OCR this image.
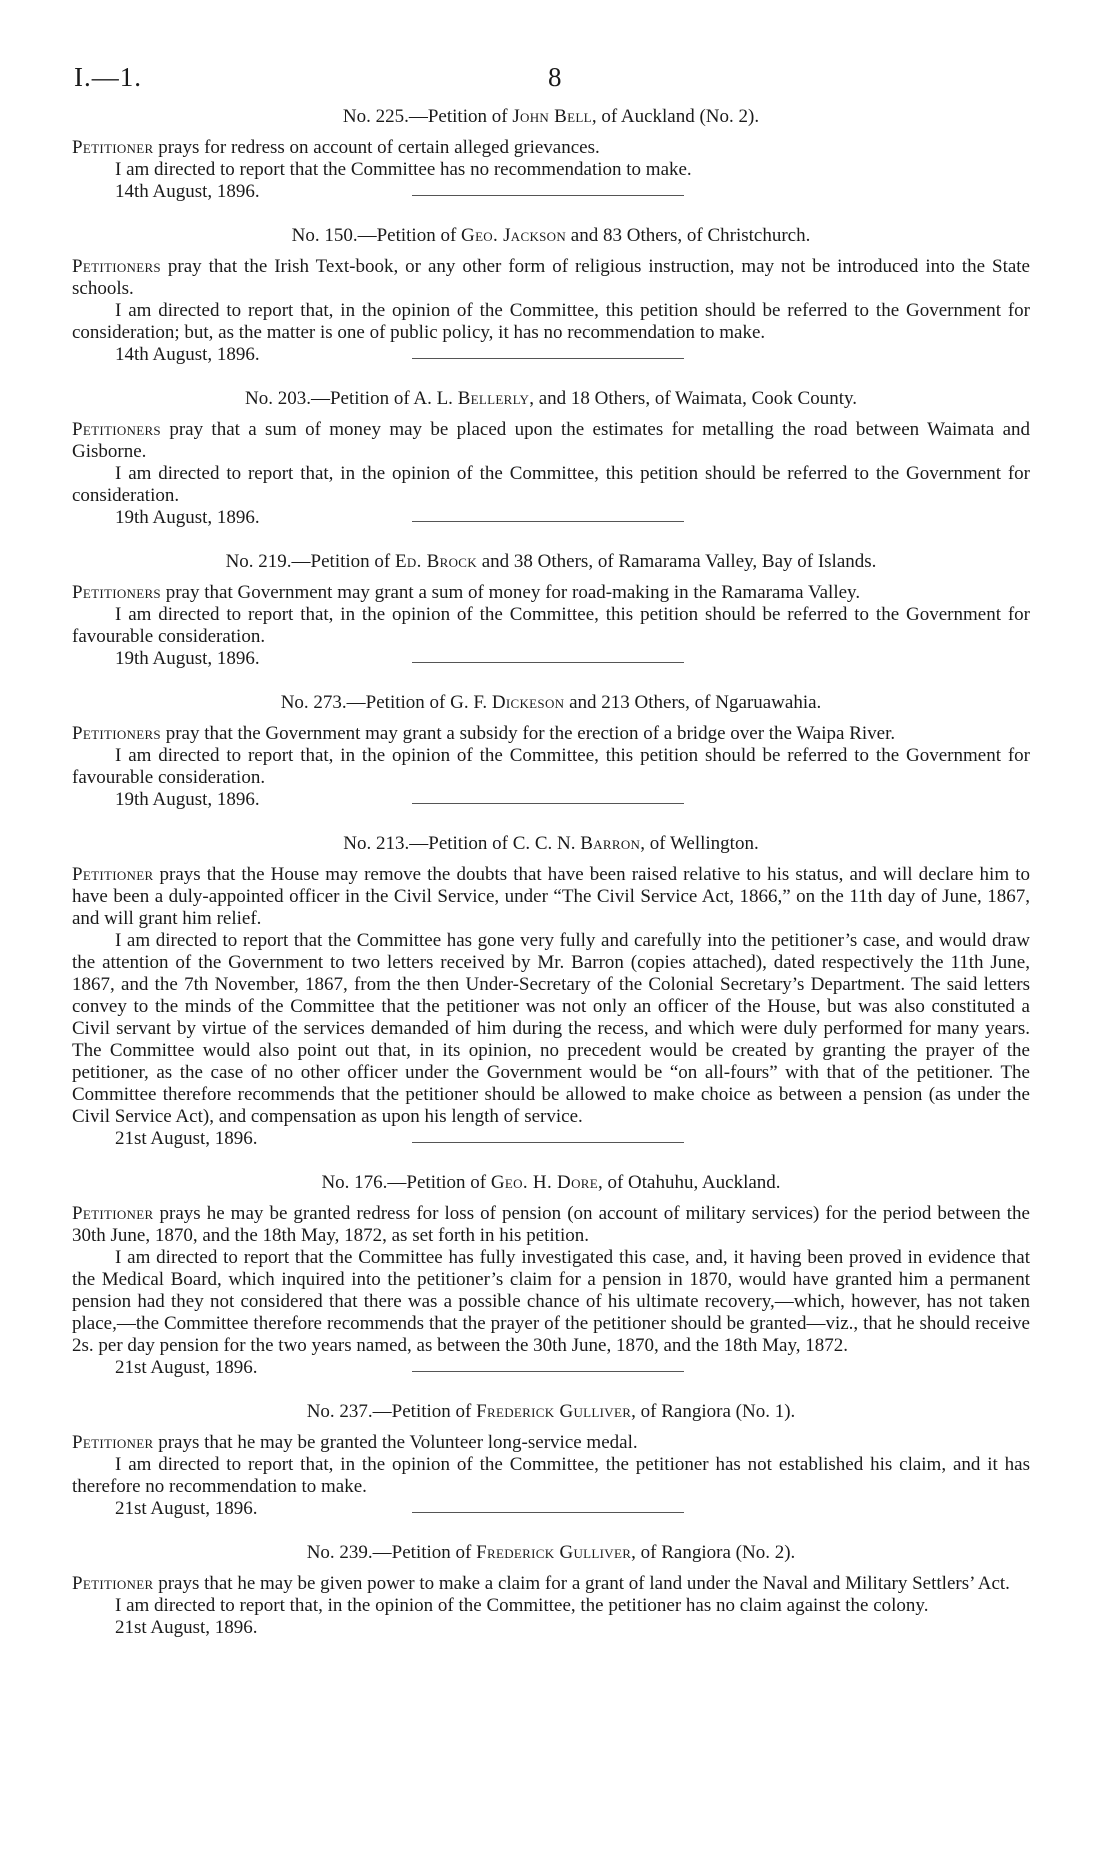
I.—1.	8

No. 225.—Petition of John Bell, of Auckland (No. 2).

Petitioner prays for redress on account of certain alleged grievances.

I am directed to report that the Committee has no recommendation to make.

14th August, 1896.

No. 150.—Petition of Geo. Jackson and 83 Others, of Christchurch.

Petitioners pray that the Irish Text-book, or any other form of religious instruction, may not be introduced into the State schools.

I am directed to report that, in the opinion of the Committee, this petition should be referred to the Government for consideration; but, as the matter is one of public policy, it has no recommendation to make.

14th August, 1896.

No. 203.—Petition of A. L. Bellerly, and 18 Others, of Waimata, Cook County.

Petitioners pray that a sum of money may be placed upon the estimates for metalling the road between Waimata and Gisborne.

I am directed to report that, in the opinion of the Committee, this petition should be referred to the Government for consideration.

19th August, 1896.

No. 219.—Petition of Ed. Brock and 38 Others, of Ramarama Valley, Bay of Islands.

Petitioners pray that Government may grant a sum of money for road-making in the Ramarama Valley.

I am directed to report that, in the opinion of the Committee, this petition should be referred to the Government for favourable consideration.

19th August, 1896.

No. 273.—Petition of G. F. Dickeson and 213 Others, of Ngaruawahia.

Petitioners pray that the Government may grant a subsidy for the erection of a bridge over the Waipa River.

I am directed to report that, in the opinion of the Committee, this petition should be referred to the Government for favourable consideration.

19th August, 1896.

No. 213.—Petition of C. C. N. Barron, of Wellington.

Petitioner prays that the House may remove the doubts that have been raised relative to his status, and will declare him to have been a duly-appointed officer in the Civil Service, under “The Civil Service Act, 1866,” on the 11th day of June, 1867, and will grant him relief.

I am directed to report that the Committee has gone very fully and carefully into the petitioner’s case, and would draw the attention of the Government to two letters received by Mr. Barron (copies attached), dated respectively the 11th June, 1867, and the 7th November, 1867, from the then Under-Secretary of the Colonial Secretary’s Department. The said letters convey to the minds of the Committee that the petitioner was not only an officer of the House, but was also constituted a Civil servant by virtue of the services demanded of him during the recess, and which were duly performed for many years. The Committee would also point out that, in its opinion, no precedent would be created by granting the prayer of the petitioner, as the case of no other officer under the Government would be “on all-fours” with that of the petitioner. The Committee therefore recommends that the petitioner should be allowed to make choice as between a pension (as under the Civil Service Act), and compensation as upon his length of service.

21st August, 1896.

No. 176.—Petition of Geo. H. Dore, of Otahuhu, Auckland.

Petitioner prays he may be granted redress for loss of pension (on account of military services) for the period between the 30th June, 1870, and the 18th May, 1872, as set forth in his petition.

I am directed to report that the Committee has fully investigated this case, and, it having been proved in evidence that the Medical Board, which inquired into the petitioner’s claim for a pension in 1870, would have granted him a permanent pension had they not considered that there was a possible chance of his ultimate recovery,—which, however, has not taken place,—the Committee therefore recommends that the prayer of the petitioner should be granted—viz., that he should receive 2s. per day pension for the two years named, as between the 30th June, 1870, and the 18th May, 1872.

21st August, 1896.

No. 237.—Petition of Frederick Gulliver, of Rangiora (No. 1).

Petitioner prays that he may be granted the Volunteer long-service medal.

I am directed to report that, in the opinion of the Committee, the petitioner has not established his claim, and it has therefore no recommendation to make.

21st August, 1896.

No. 239.—Petition of Frederick Gulliver, of Rangiora (No. 2).

Petitioner prays that he may be given power to make a claim for a grant of land under the Naval and Military Settlers’ Act.

I am directed to report that, in the opinion of the Committee, the petitioner has no claim against the colony.

21st August, 1896.
